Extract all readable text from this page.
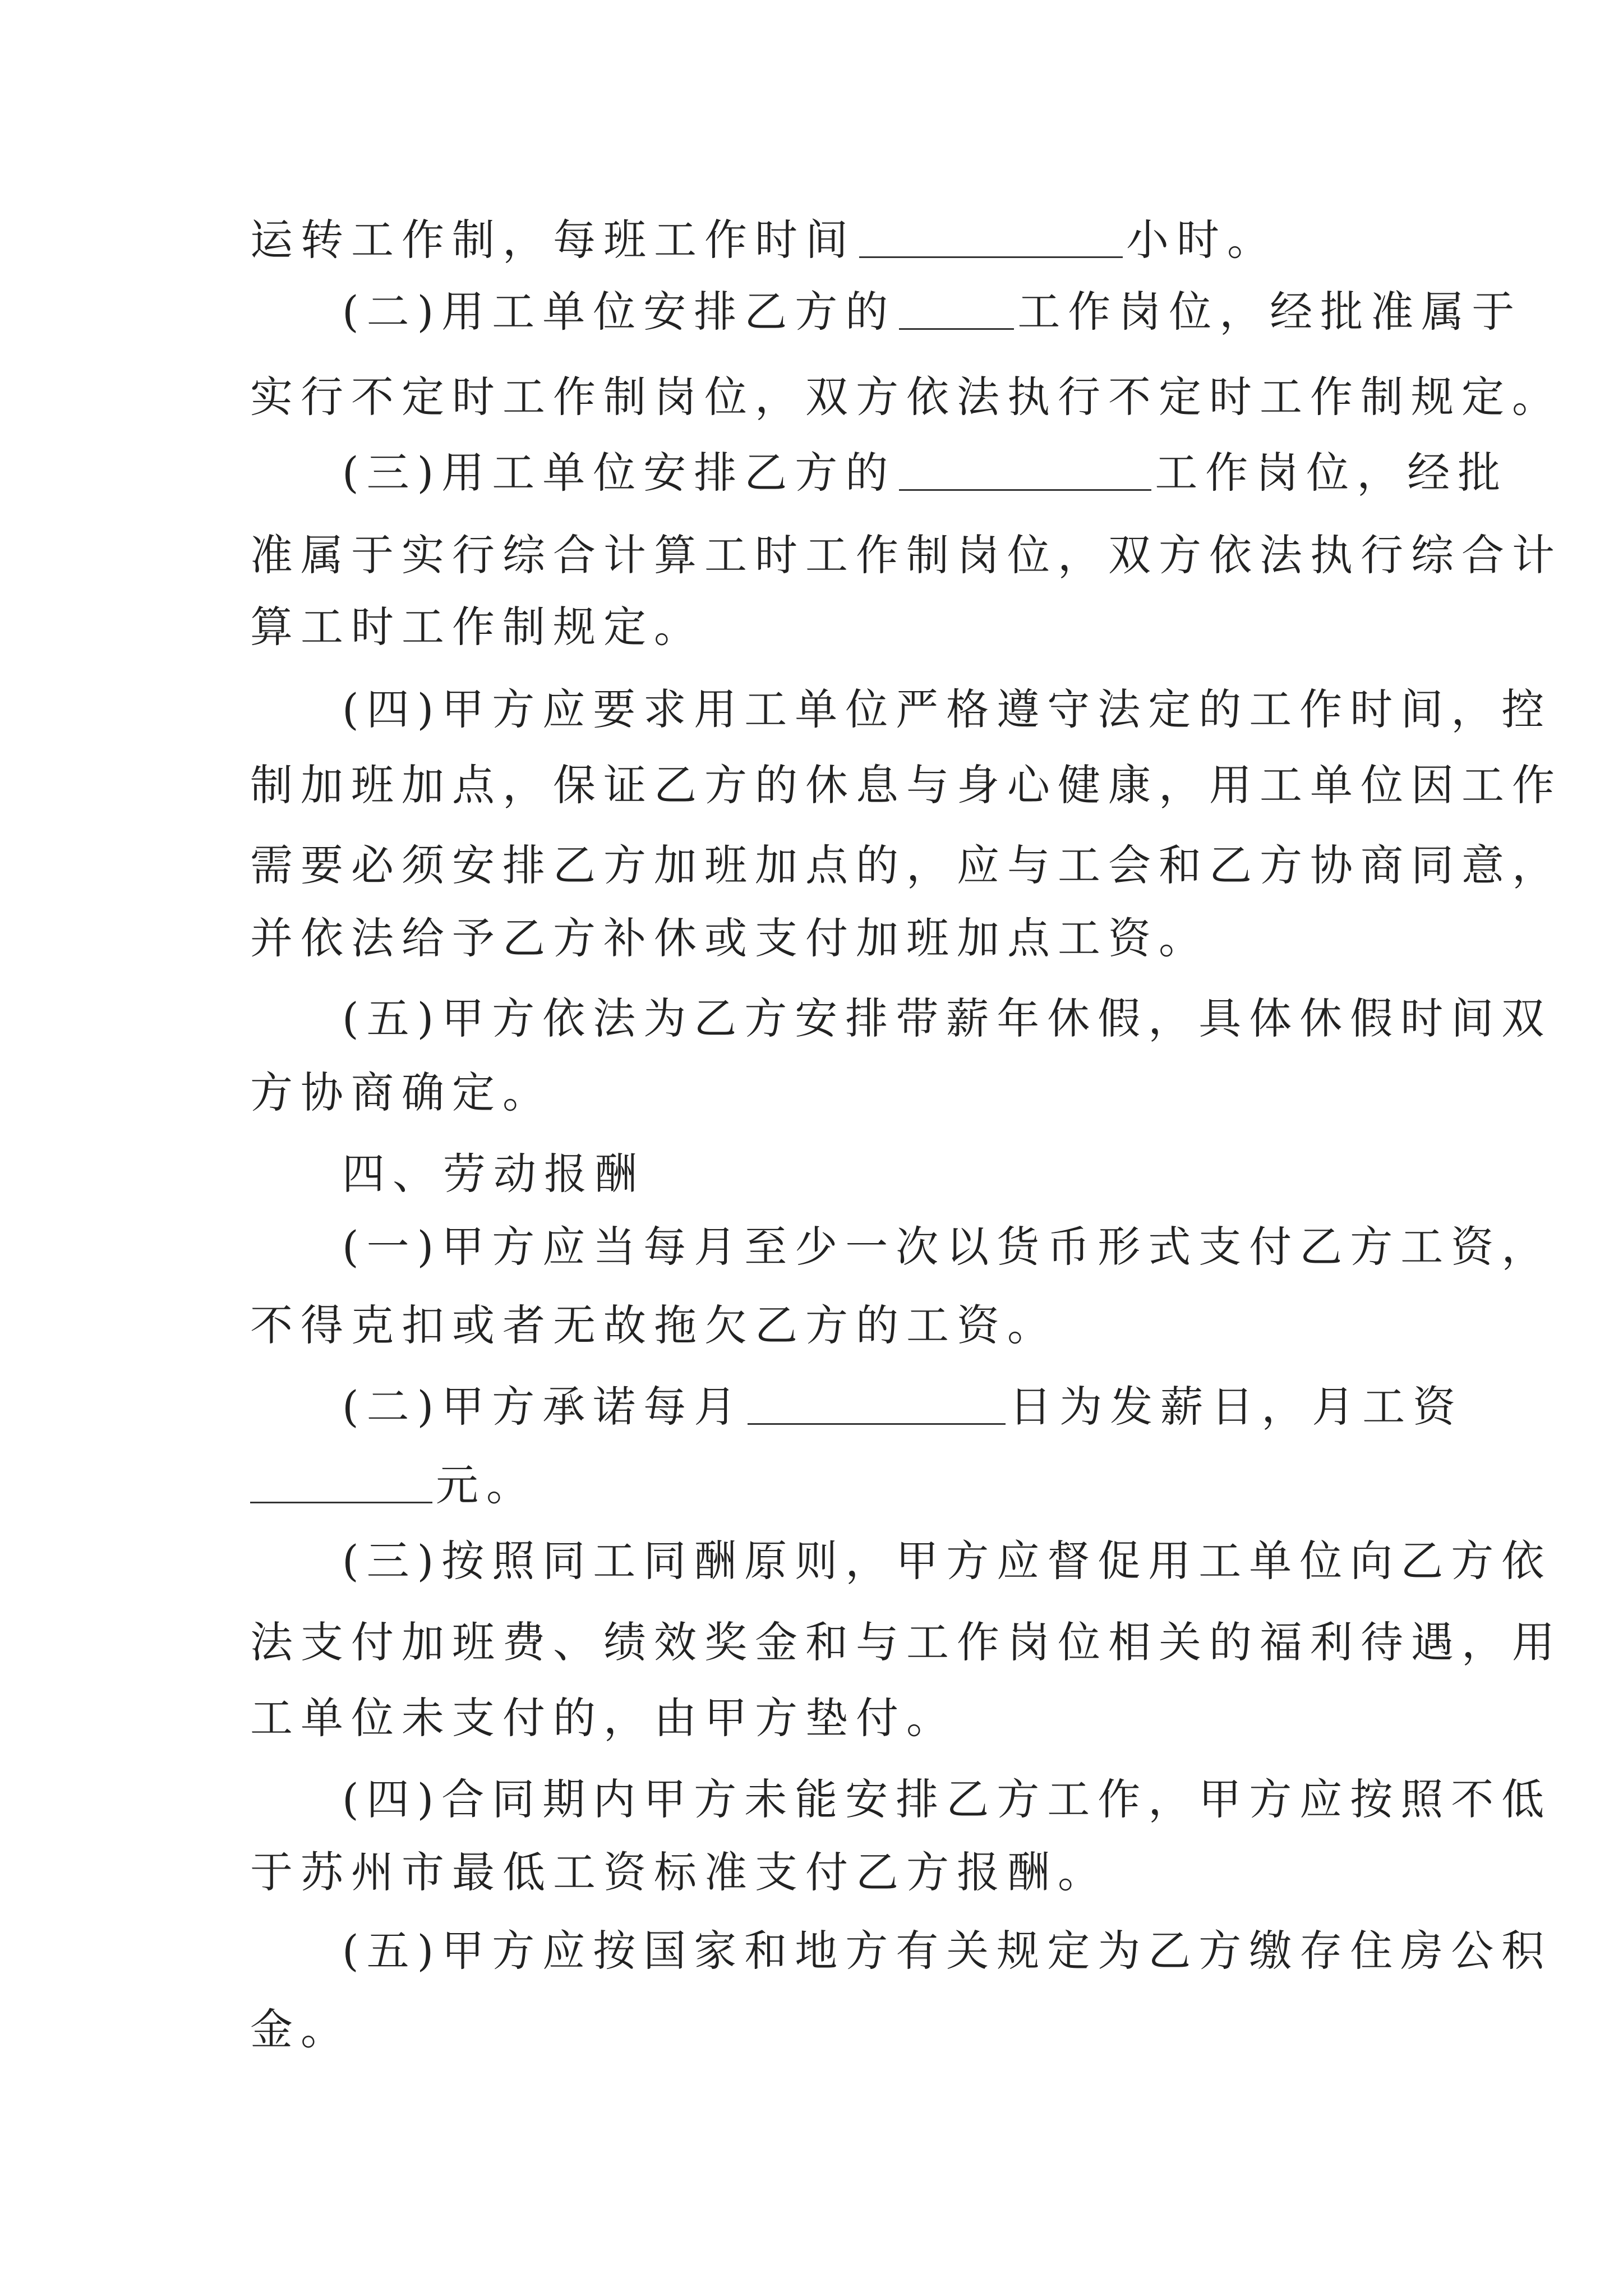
运转工作制，每班工作时间	小时。
(二)用工单位安排乙方的	工作岗位，经批准属于
实行不定时工作制岗位，双方依法执行不定时工作制规定。
(三)用工单位安排乙方的	工作岗位，经批
准属于实行综合计算工时工作制岗位，双方依法执行综合计
算工时工作制规定。
(四)甲方应要求用工单位严格遵守法定的工作时间，控
制加班加点，保证乙方的休息与身心健康，用工单位因工作
需要必须安排乙方加班加点的，应与工会和乙方协商同意，
并依法给予乙方补休或支付加班加点工资。
(五)甲方依法为乙方安排带薪年休假，具体休假时间双
方协商确定。
四、劳动报酬
(一)甲方应当每月至少一次以货币形式支付乙方工资，
不得克扣或者无故拖欠乙方的工资。
(二)甲方承诺每月	日为发薪日，月工资
元。
(三)按照同工同酬原则，甲方应督促用工单位向乙方依
法支付加班费、绩效奖金和与工作岗位相关的福利待遇，用
工单位未支付的，由甲方垫付。
(四)合同期内甲方未能安排乙方工作，甲方应按照不低
于苏州市最低工资标准支付乙方报酬。
(五)甲方应按国家和地方有关规定为乙方缴存住房公积
金。
